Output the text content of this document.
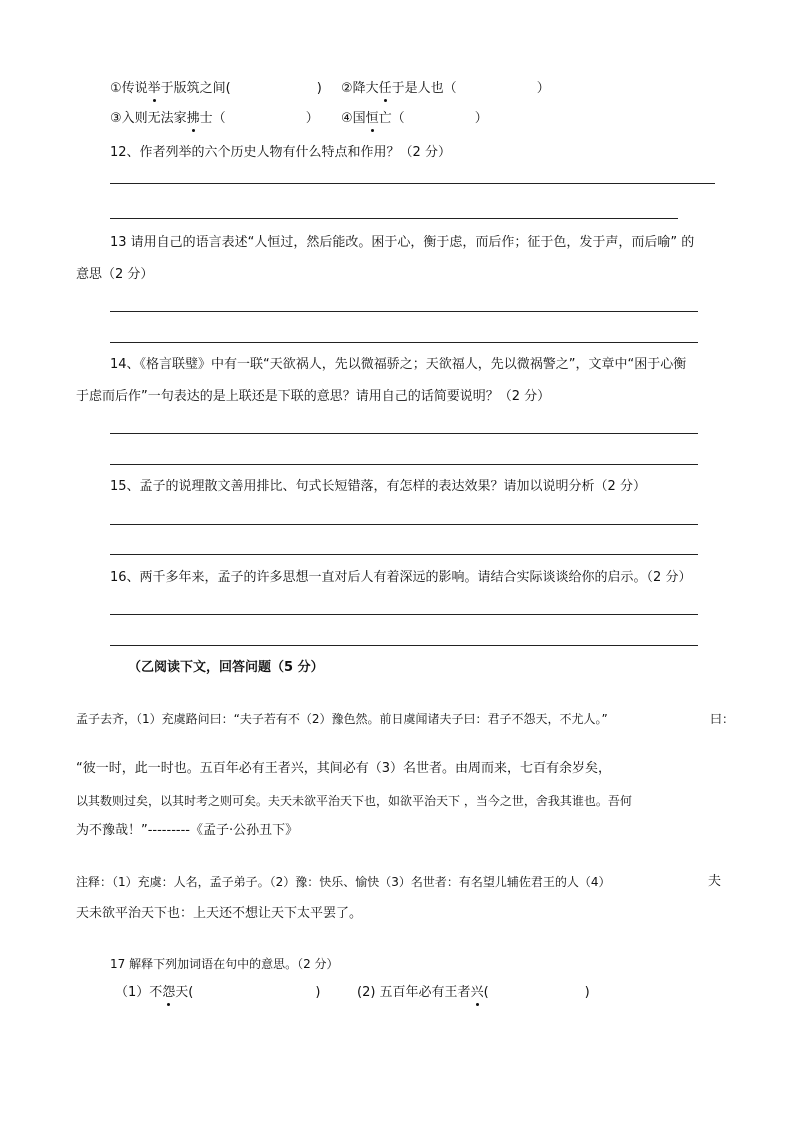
①传说举于版筑之间(	) ②降大任于是人也（	）
③入则无法家拂士（	） ④国恒亡（	）
12、作者列举的六个历史人物有什么特点和作用？（2 分）
13 请用自己的语言表述“人恒过，然后能改。困于心，衡于虑，而后作；征于色，发于声，而后喻” 的
意思（2 分）
14、《格言联璧》中有一联“天欲祸人，先以微福骄之；天欲福人，先以微祸警之”，文章中“困于心衡
于虑而后作”一句表达的是上联还是下联的意思？请用自己的话简要说明？（2 分）
15、孟子的说理散文善用排比、句式长短错落，有怎样的表达效果？请加以说明分析（2 分）
16、两千多年来，孟子的许多思想一直对后人有着深远的影响。请结合实际谈谈给你的启示。（2 分）
（乙阅读下文，回答问题（5 分）
孟子去齐，（1）充虞路问曰：“夫子若有不（2）豫色然。前日虞闻诸夫子曰：君子不怨天，不尤人。”	曰：
“彼一时，此一时也。五百年必有王者兴，其间必有（3）名世者。由周而来，七百有余岁矣，
以其数则过矣，以其时考之则可矣。夫天未欲平治天下也，如欲平治天下 ，当今之世，舍我其谁也。吾何
为不豫哉！”---------《孟子·公孙丑下》
注释：（1）充虞：人名，孟子弟子。（2）豫：快乐、愉快（3）名世者：有名望儿辅佐君王的人（4）	夫
天未欲平治天下也：上天还不想让天下太平罢了。
17 解释下列加词语在句中的意思。（2 分）
（1）不怨天(	)	(2) 五百年必有王者兴(	)
